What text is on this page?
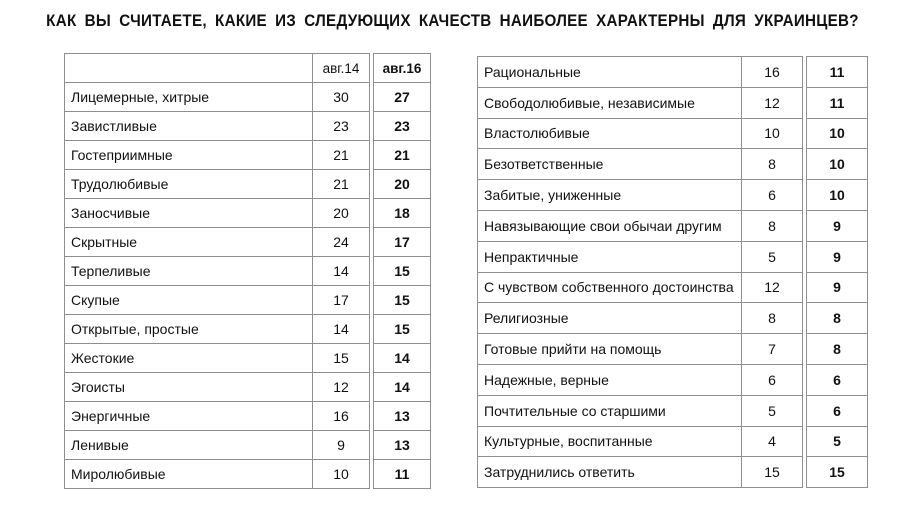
КАК ВЫ СЧИТАЕТЕ, КАКИЕ ИЗ СЛЕДУЮЩИХ КАЧЕСТВ НАИБОЛЕЕ ХАРАКТЕРНЫ ДЛЯ УКРАИНЦЕВ?
	авг.14		авг.16
Лицемерные, хитрые	30		27
Завистливые	23		23
Гостеприимные	21		21
Трудолюбивые	21		20
Заносчивые	20		18
Скрытные	24		17
Терпеливые	14		15
Скупые	17		15
Открытые, простые	14		15
Жестокие	15		14
Эгоисты	12		14
Энергичные	16		13
Ленивые	9		13
Миролюбивые	10		11
Рациональные	16		11
Свободолюбивые, независимые	12		11
Властолюбивые	10		10
Безответственные	8		10
Забитые, униженные	6		10
Навязывающие свои обычаи другим	8		9
Непрактичные	5		9
С чувством собственного достоинства	12		9
Религиозные	8		8
Готовые прийти на помощь	7		8
Надежные, верные	6		6
Почтительные со старшими	5		6
Культурные, воспитанные	4		5
Затруднились ответить	15		15
